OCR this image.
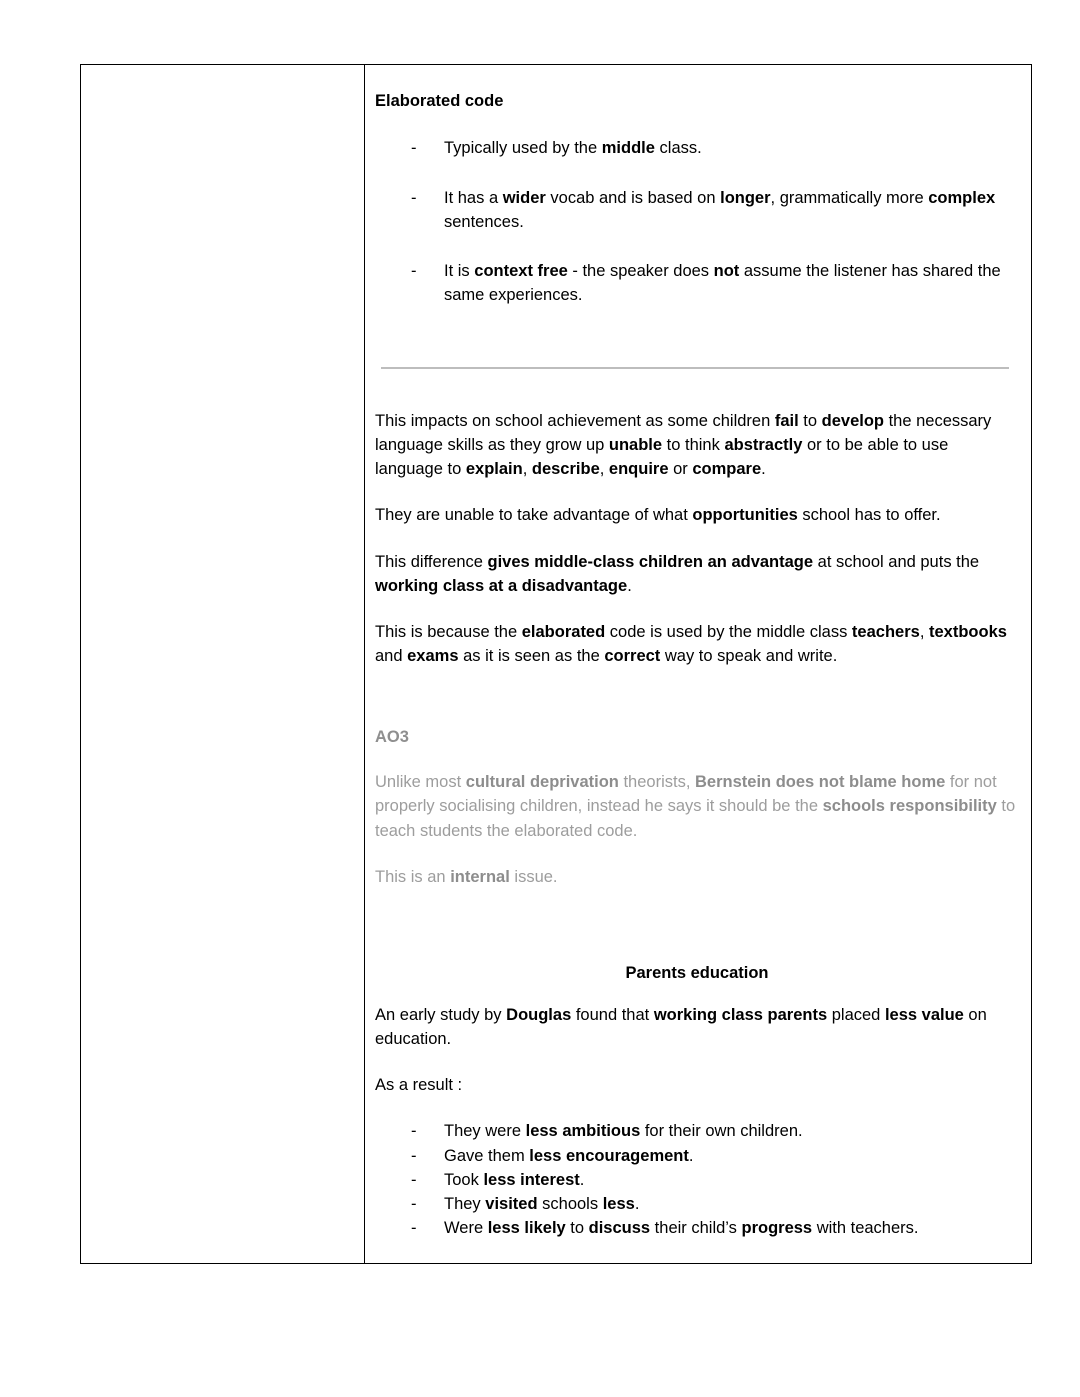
Elaborated code
- Typically used by the middle class.
- It has a wider vocab and is based on longer, grammatically more complex sentences.
- It is context free - the speaker does not assume the listener has shared the same experiences.

This impacts on school achievement as some children fail to develop the necessary language skills as they grow up unable to think abstractly or to be able to use language to explain, describe, enquire or compare.

They are unable to take advantage of what opportunities school has to offer.

This difference gives middle-class children an advantage at school and puts the working class at a disadvantage.

This is because the elaborated code is used by the middle class teachers, textbooks and exams as it is seen as the correct way to speak and write.

AO3

Unlike most cultural deprivation theorists, Bernstein does not blame home for not properly socialising children, instead he says it should be the schools responsibility to teach students the elaborated code.

This is an internal issue.

Parents education

An early study by Douglas found that working class parents placed less value on education.

As a result :

- They were less ambitious for their own children.
- Gave them less encouragement.
- Took less interest.
- They visited schools less.
- Were less likely to discuss their child’s progress with teachers.
